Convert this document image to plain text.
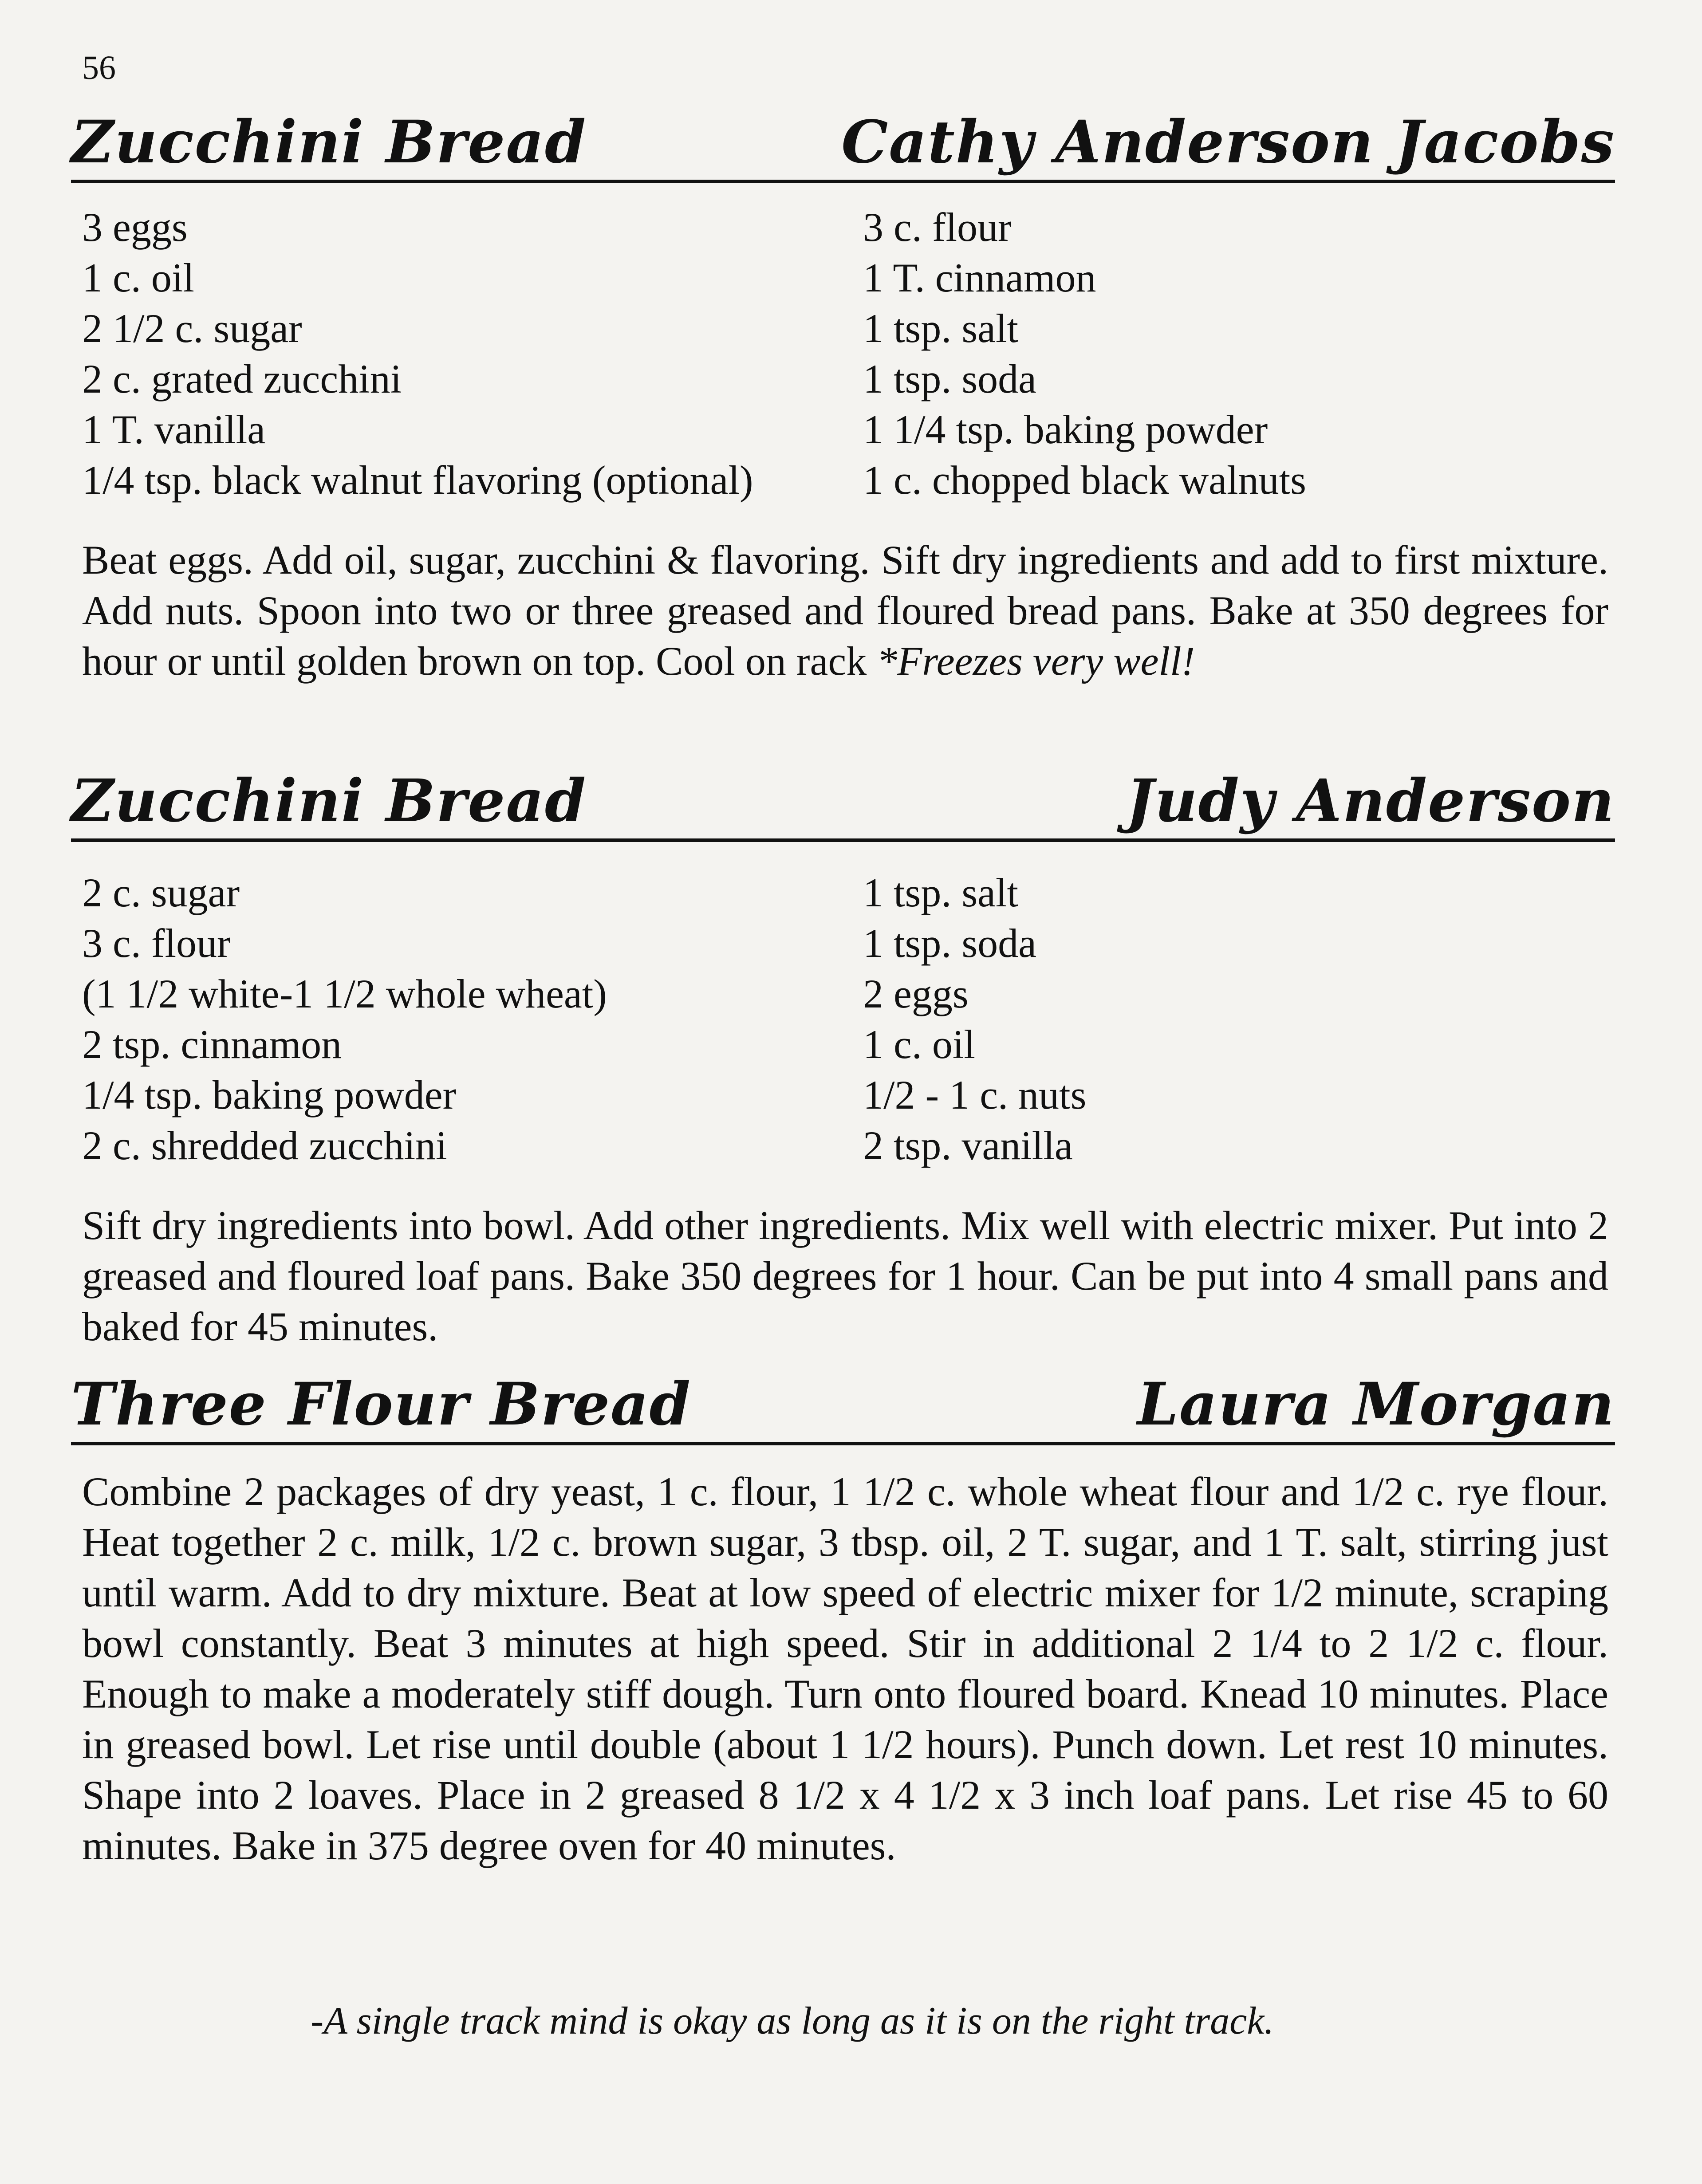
56
Zucchini Bread	Cathy Anderson Jacobs
3 eggs
1 c. oil
2 1/2 c. sugar
2 c. grated zucchini
1 T. vanilla
1/4 tsp. black walnut flavoring (optional)
3 c. flour
1 T. cinnamon
1 tsp. salt
1 tsp. soda
1 1/4 tsp. baking powder
1 c. chopped black walnuts
Beat eggs. Add oil, sugar, zucchini & flavoring. Sift dry ingredients and add to first mixture. Add nuts. Spoon into two or three greased and floured bread pans. Bake at 350 degrees for hour or until golden brown on top. Cool on rack *Freezes very well!
Zucchini Bread	Judy Anderson
2 c. sugar
3 c. flour
(1 1/2 white-1 1/2 whole wheat)
2 tsp. cinnamon
1/4 tsp. baking powder
2 c. shredded zucchini
1 tsp. salt
1 tsp. soda
2 eggs
1 c. oil
1/2 - 1 c. nuts
2 tsp. vanilla
Sift dry ingredients into bowl. Add other ingredients. Mix well with electric mixer. Put into 2 greased and floured loaf pans. Bake 350 degrees for 1 hour. Can be put into 4 small pans and baked for 45 minutes.
Three Flour Bread	Laura Morgan
Combine 2 packages of dry yeast, 1 c. flour, 1 1/2 c. whole wheat flour and 1/2 c. rye flour. Heat together 2 c. milk, 1/2 c. brown sugar, 3 tbsp. oil, 2 T. sugar, and 1 T. salt, stirring just until warm. Add to dry mixture. Beat at low speed of electric mixer for 1/2 minute, scraping bowl constantly. Beat 3 minutes at high speed. Stir in additional 2 1/4 to 2 1/2 c. flour. Enough to make a moderately stiff dough. Turn onto floured board. Knead 10 minutes. Place in greased bowl. Let rise until double (about 1 1/2 hours). Punch down. Let rest 10 minutes. Shape into 2 loaves. Place in 2 greased 8 1/2 x 4 1/2 x 3 inch loaf pans. Let rise 45 to 60 minutes. Bake in 375 degree oven for 40 minutes.
-A single track mind is okay as long as it is on the right track.
